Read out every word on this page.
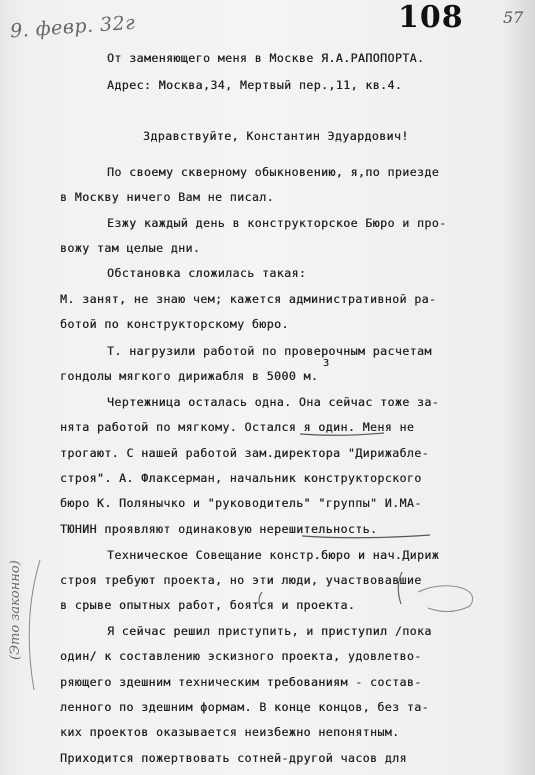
9. февр. 32г	108 57
(Это законно)
От заменяющего меня в Москве Я.А.РАПОПОРТА.
Адрес: Москва,34, Мертвый пер.,11, кв.4.
Здравствуйте, Константин Эдуардович!
По своему скверному обыкновению, я,по приезде
в Москву ничего Вам не писал.
Езжу каждый день в конструкторское Бюро и про-
вожу там целые дни.
Обстановка сложилась такая:
М. занят, не знаю чем; кажется административной ра-
ботой по конструкторскому бюро.
Т. нагрузили работой по проверочным расчетам
гондолы мягкого дирижабля в 5000 м.
3
Чертежница осталась одна. Она сейчас тоже за-
нята работой по мягкому. Остался я один. Меня не
трогают. С нашей работой зам.директора "Дирижабле-
строя". А. Флаксерман, начальник конструкторского
бюро К. Полянычко и "руководитель" "группы" И.МА-
ТЮНИН проявляют одинаковую нерешительность.
Техническое Совещание констр.бюро и нач.Дириж
строя требуют проекта, но эти люди, участвовавшие
в срыве опытных работ, боятся и проекта.
Я сейчас решил приступить, и приступил /пока
один/ к составлению эскизного проекта, удовлетво-
ряющего здешним техническим требованиям - состав-
ленного по здешним формам. В конце концов, без та-
ких проектов оказывается неизбежно непонятным.
Приходится пожертвовать сотней-другой часов для
